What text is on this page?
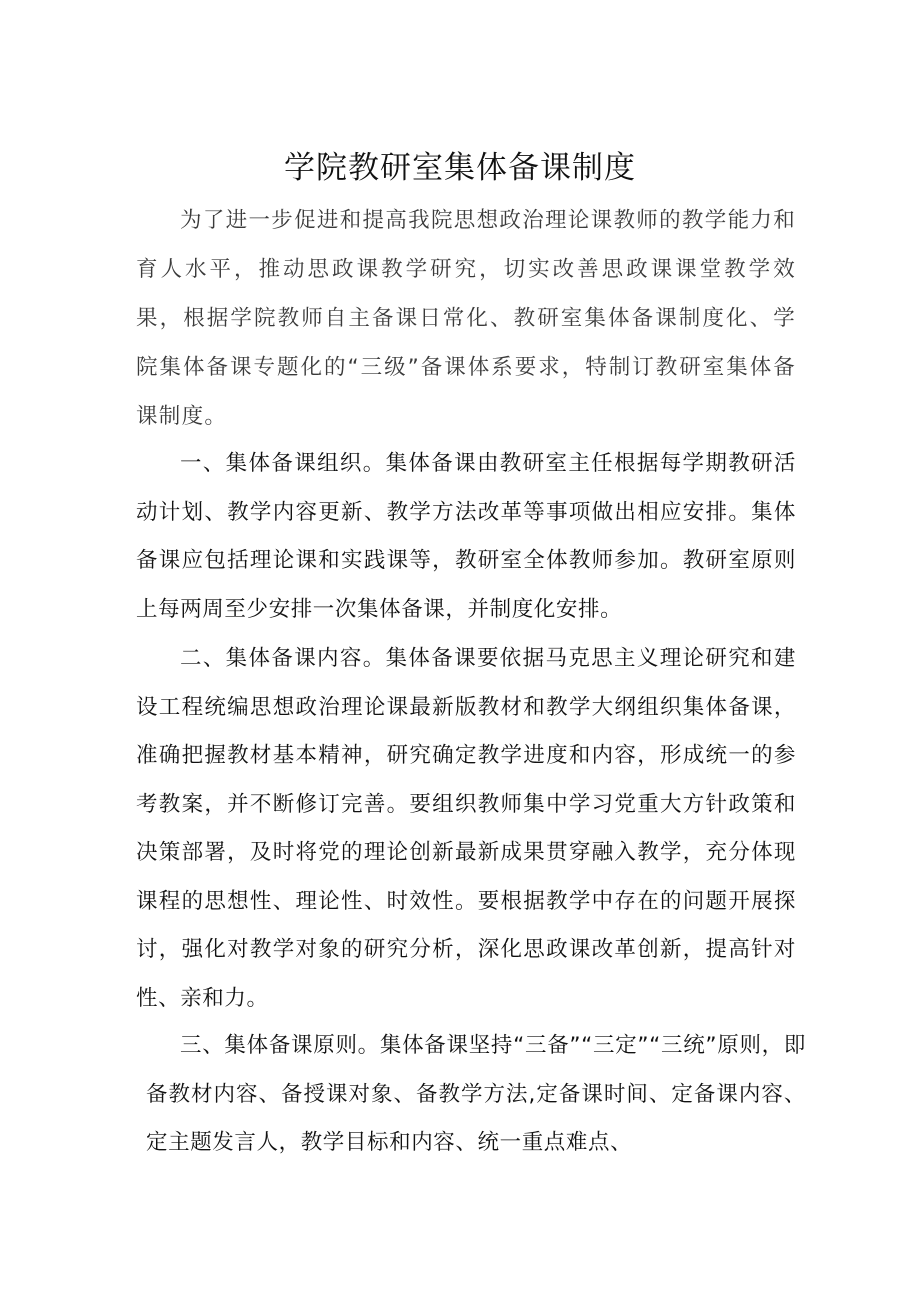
学院教研室集体备课制度

为了进一步促进和提高我院思想政治理论课教师的教学能力和育人水平，推动思政课教学研究，切实改善思政课课堂教学效果，根据学院教师自主备课日常化、教研室集体备课制度化、学院集体备课专题化的“三级”备课体系要求，特制订教研室集体备课制度。

一、集体备课组织。集体备课由教研室主任根据每学期教研活动计划、教学内容更新、教学方法改革等事项做出相应安排。集体备课应包括理论课和实践课等，教研室全体教师参加。教研室原则上每两周至少安排一次集体备课，并制度化安排。

二、集体备课内容。集体备课要依据马克思主义理论研究和建设工程统编思想政治理论课最新版教材和教学大纲组织集体备课，准确把握教材基本精神，研究确定教学进度和内容，形成统一的参考教案，并不断修订完善。要组织教师集中学习党重大方针政策和决策部署，及时将党的理论创新最新成果贯穿融入教学，充分体现课程的思想性、理论性、时效性。要根据教学中存在的问题开展探讨，强化对教学对象的研究分析，深化思政课改革创新，提高针对性、亲和力。

三、集体备课原则。集体备课坚持“三备”“三定”“三统”原则，即备教材内容、备授课对象、备教学方法,定备课时间、定备课内容、定主题发言人，教学目标和内容、统一重点难点、
